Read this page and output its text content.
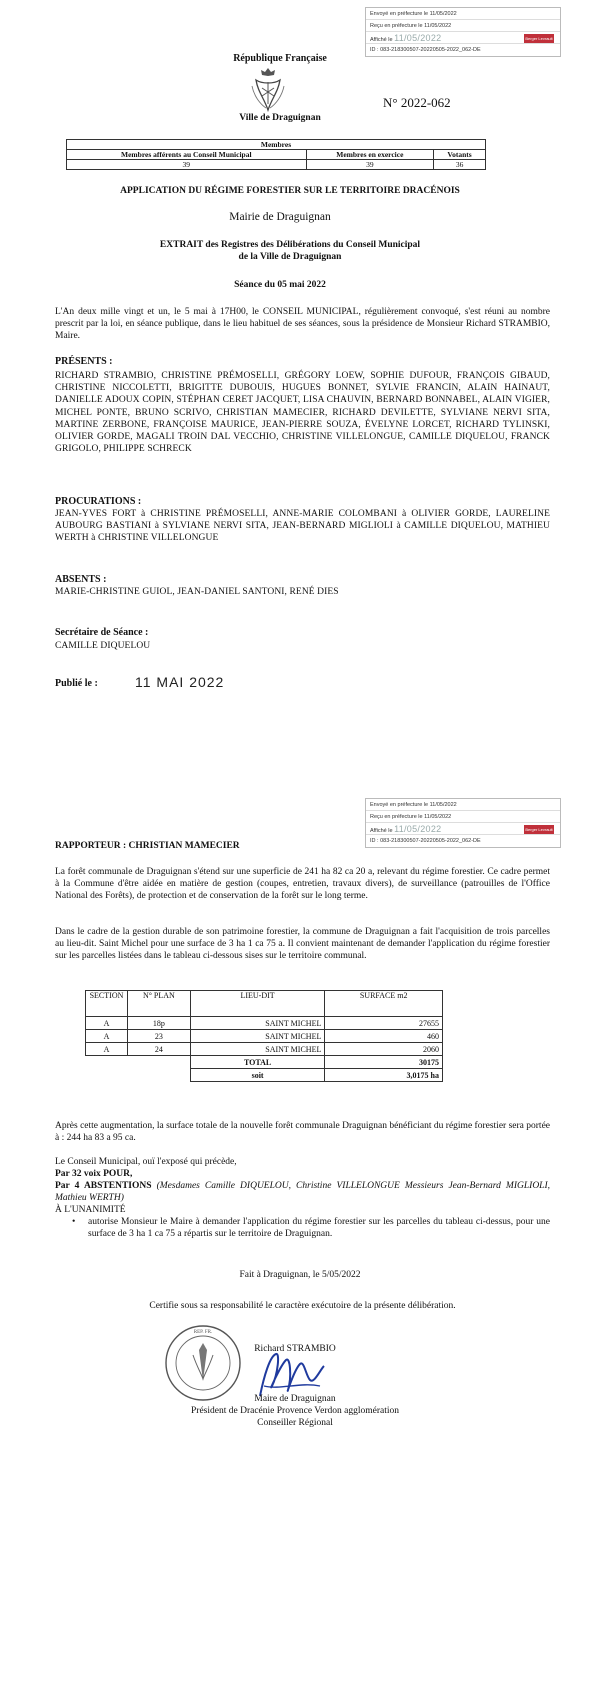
Envoyé en préfecture le 11/05/2022
Reçu en préfecture le 11/05/2022
Affiché le 11/05/2022	Berger Levrault
ID : 083-218300507-20220505-2022_062-DE
République Française
Ville de Draguignan
N° 2022-062
Membres		
Membres afférents au Conseil Municipal	Membres en exercice	Votants
39	39	36
APPLICATION DU RÉGIME FORESTIER SUR LE TERRITOIRE DRACÉNOIS
Mairie de Draguignan
EXTRAIT des Registres des Délibérations du Conseil Municipal
de la Ville de Draguignan
Séance du 05 mai 2022
L'An deux mille vingt et un, le 5 mai à 17H00, le CONSEIL MUNICIPAL, régulièrement convoqué, s'est réuni au nombre prescrit par la loi, en séance publique, dans le lieu habituel de ses séances, sous la présidence de Monsieur Richard STRAMBIO, Maire.
PRÉSENTS :
RICHARD STRAMBIO, CHRISTINE PRÉMOSELLI, GRÉGORY LOEW, SOPHIE DUFOUR, FRANÇOIS GIBAUD, CHRISTINE NICCOLETTI, BRIGITTE DUBOUIS, HUGUES BONNET, SYLVIE FRANCIN, ALAIN HAINAUT, DANIELLE ADOUX COPIN, STÉPHAN CERET JACQUET, LISA CHAUVIN, BERNARD BONNABEL, ALAIN VIGIER, MICHEL PONTE, BRUNO SCRIVO, CHRISTIAN MAMECIER, RICHARD DEVILETTE, SYLVIANE NERVI SITA, MARTINE ZERBONE, FRANÇOISE MAURICE, JEAN-PIERRE SOUZA, ÉVELYNE LORCET, RICHARD TYLINSKI, OLIVIER GORDE, MAGALI TROIN DAL VECCHIO, CHRISTINE VILLELONGUE, CAMILLE DIQUELOU, FRANCK GRIGOLO, PHILIPPE SCHRECK
PROCURATIONS :
JEAN-YVES FORT à CHRISTINE PRÉMOSELLI, ANNE-MARIE COLOMBANI à OLIVIER GORDE, LAURELINE AUBOURG BASTIANI à SYLVIANE NERVI SITA, JEAN-BERNARD MIGLIOLI à CAMILLE DIQUELOU, MATHIEU WERTH à CHRISTINE VILLELONGUE
ABSENTS :
MARIE-CHRISTINE GUIOL, JEAN-DANIEL SANTONI, RENÉ DIES
Secrétaire de Séance :
CAMILLE DIQUELOU
Publié le :	11 MAI 2022
Envoyé en préfecture le 11/05/2022
Reçu en préfecture le 11/05/2022
Affiché le 11/05/2022	Berger Levrault
ID : 083-218300507-20220505-2022_062-DE
RAPPORTEUR : CHRISTIAN MAMECIER
La forêt communale de Draguignan s'étend sur une superficie de 241 ha 82 ca 20 a, relevant du régime forestier. Ce cadre permet à la Commune d'être aidée en matière de gestion (coupes, entretien, travaux divers), de surveillance (patrouilles de l'Office National des Forêts), de protection et de conservation de la forêt sur le long terme.
Dans le cadre de la gestion durable de son patrimoine forestier, la commune de Draguignan a fait l'acquisition de trois parcelles au lieu-dit. Saint Michel pour une surface de 3 ha 1 ca 75 a. Il convient maintenant de demander l'application du régime forestier sur les parcelles listées dans le tableau ci-dessous sises sur le territoire communal.
SECTION	N° PLAN	LIEU-DIT	SURFACE m2
A	18p	SAINT MICHEL	27655
A	23	SAINT MICHEL	460
A	24	SAINT MICHEL	2060
		TOTAL	30175
		soit	3,0175 ha
Après cette augmentation, la surface totale de la nouvelle forêt communale Draguignan bénéficiant du régime forestier sera portée à : 244 ha 83 a 95 ca.
Le Conseil Municipal, ouï l'exposé qui précède,
Par 32 voix POUR,
Par 4 ABSTENTIONS (Mesdames Camille DIQUELOU, Christine VILLELONGUE Messieurs Jean-Bernard MIGLIOLI, Mathieu WERTH)
À L'UNANIMITÉ
•	autorise Monsieur le Maire à demander l'application du régime forestier sur les parcelles du tableau ci-dessus, pour une surface de 3 ha 1 ca 75 a répartis sur le territoire de Draguignan.
Fait à Draguignan, le 5/05/2022
Certifie sous sa responsabilité le caractère exécutoire de la présente délibération.
REP. FR.
Richard STRAMBIO
Maire de Draguignan
Président de Dracénie Provence Verdon agglomération
Conseiller Régional
